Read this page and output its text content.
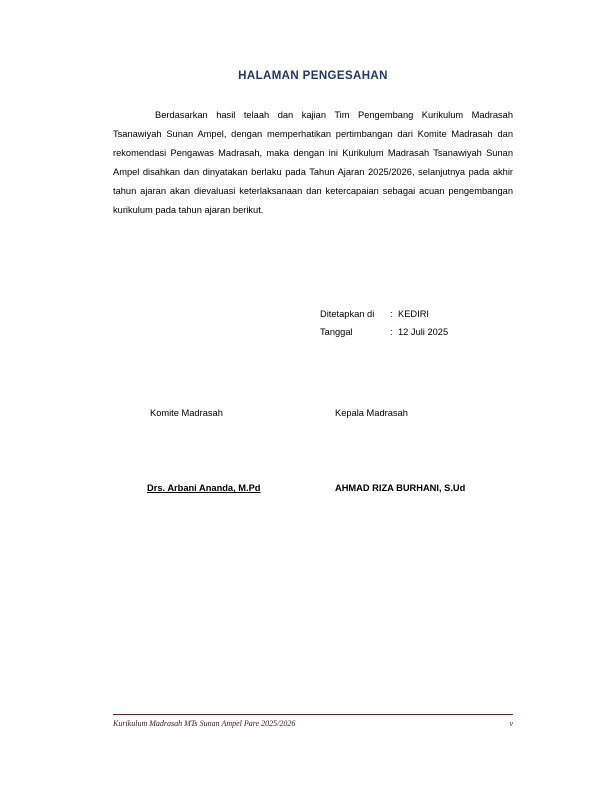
HALAMAN PENGESAHAN

Berdasarkan hasil telaah dan kajian Tim Pengembang Kurikulum Madrasah Tsanawiyah Sunan Ampel, dengan memperhatikan pertimbangan dari Komite Madrasah dan rekomendasi Pengawas Madrasah, maka dengan ini Kurikulum Madrasah Tsanawiyah Sunan Ampel disahkan dan dinyatakan berlaku pada Tahun Ajaran 2025/2026, selanjutnya pada akhir tahun ajaran akan dievaluasi keterlaksanaan dan ketercapaian sebagai acuan pengembangan kurikulum pada tahun ajaran berikut.

Ditetapkan di	: KEDIRI
Tanggal	: 12 Juli 2025
Komite Madrasah	Kepala Madrasah
Drs. Arbani Ananda, M.Pd	AHMAD RIZA BURHANI, S.Ud
Kurikulum Madrasah MTs Sunan Ampel Pare 2025/2026	v
